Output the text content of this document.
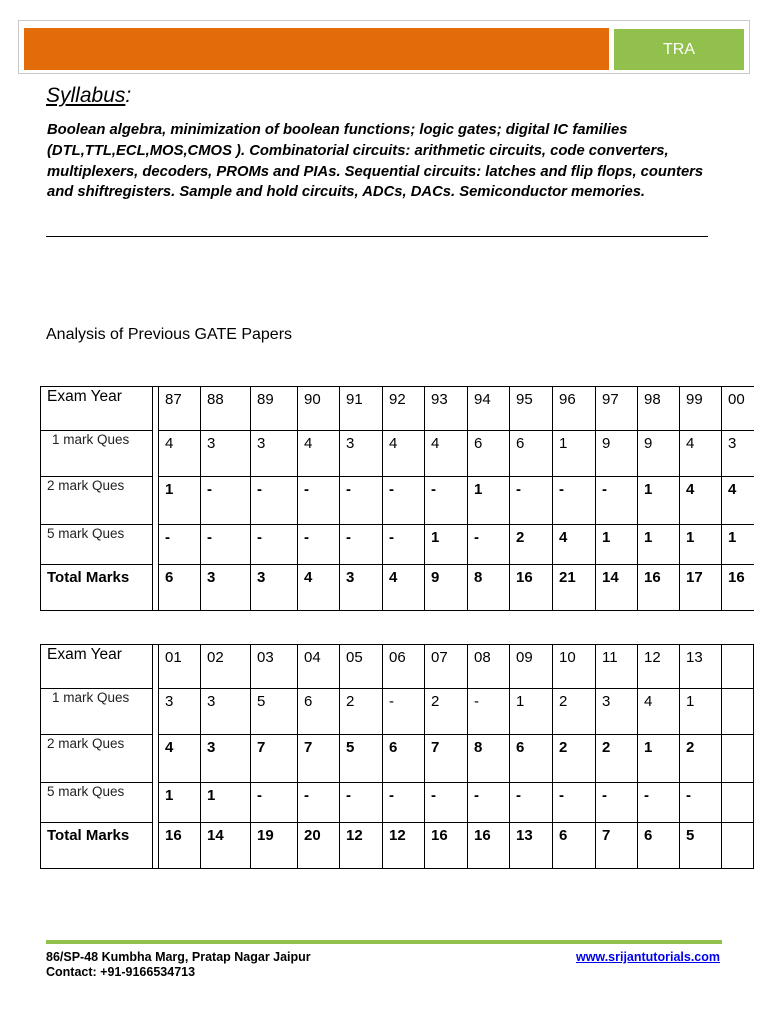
TRA
Syllabus:
Boolean algebra, minimization of boolean functions; logic gates; digital IC families (DTL,TTL,ECL,MOS,CMOS ). Combinatorial circuits: arithmetic circuits, code converters, multiplexers, decoders, PROMs and PIAs. Sequential circuits: latches and flip flops, counters and shiftregisters. Sample and hold circuits, ADCs, DACs. Semiconductor memories.
Analysis of Previous GATE Papers
Exam Year		87	88	89	90	91	92	93	94	95	96	97	98	99	00
1 mark Ques		4	3	3	4	3	4	4	6	6	1	9	9	4	3
2 mark Ques		1	-	-	-	-	-	-	1	-	-	-	1	4	4
5 mark Ques		-	-	-	-	-	-	1	-	2	4	1	1	1	1
Total Marks		6	3	3	4	3	4	9	8	16	21	14	16	17	16
Exam Year		01	02	03	04	05	06	07	08	09	10	11	12	13	
1 mark Ques		3	3	5	6	2	-	2	-	1	2	3	4	1	
2 mark Ques		4	3	7	7	5	6	7	8	6	2	2	1	2	
5 mark Ques		1	1	-	-	-	-	-	-	-	-	-	-	-	
Total Marks		16	14	19	20	12	12	16	16	13	6	7	6	5	
86/SP-48 Kumbha Marg, Pratap Nagar Jaipur
Contact: +91-9166534713
www.srijantutorials.com
